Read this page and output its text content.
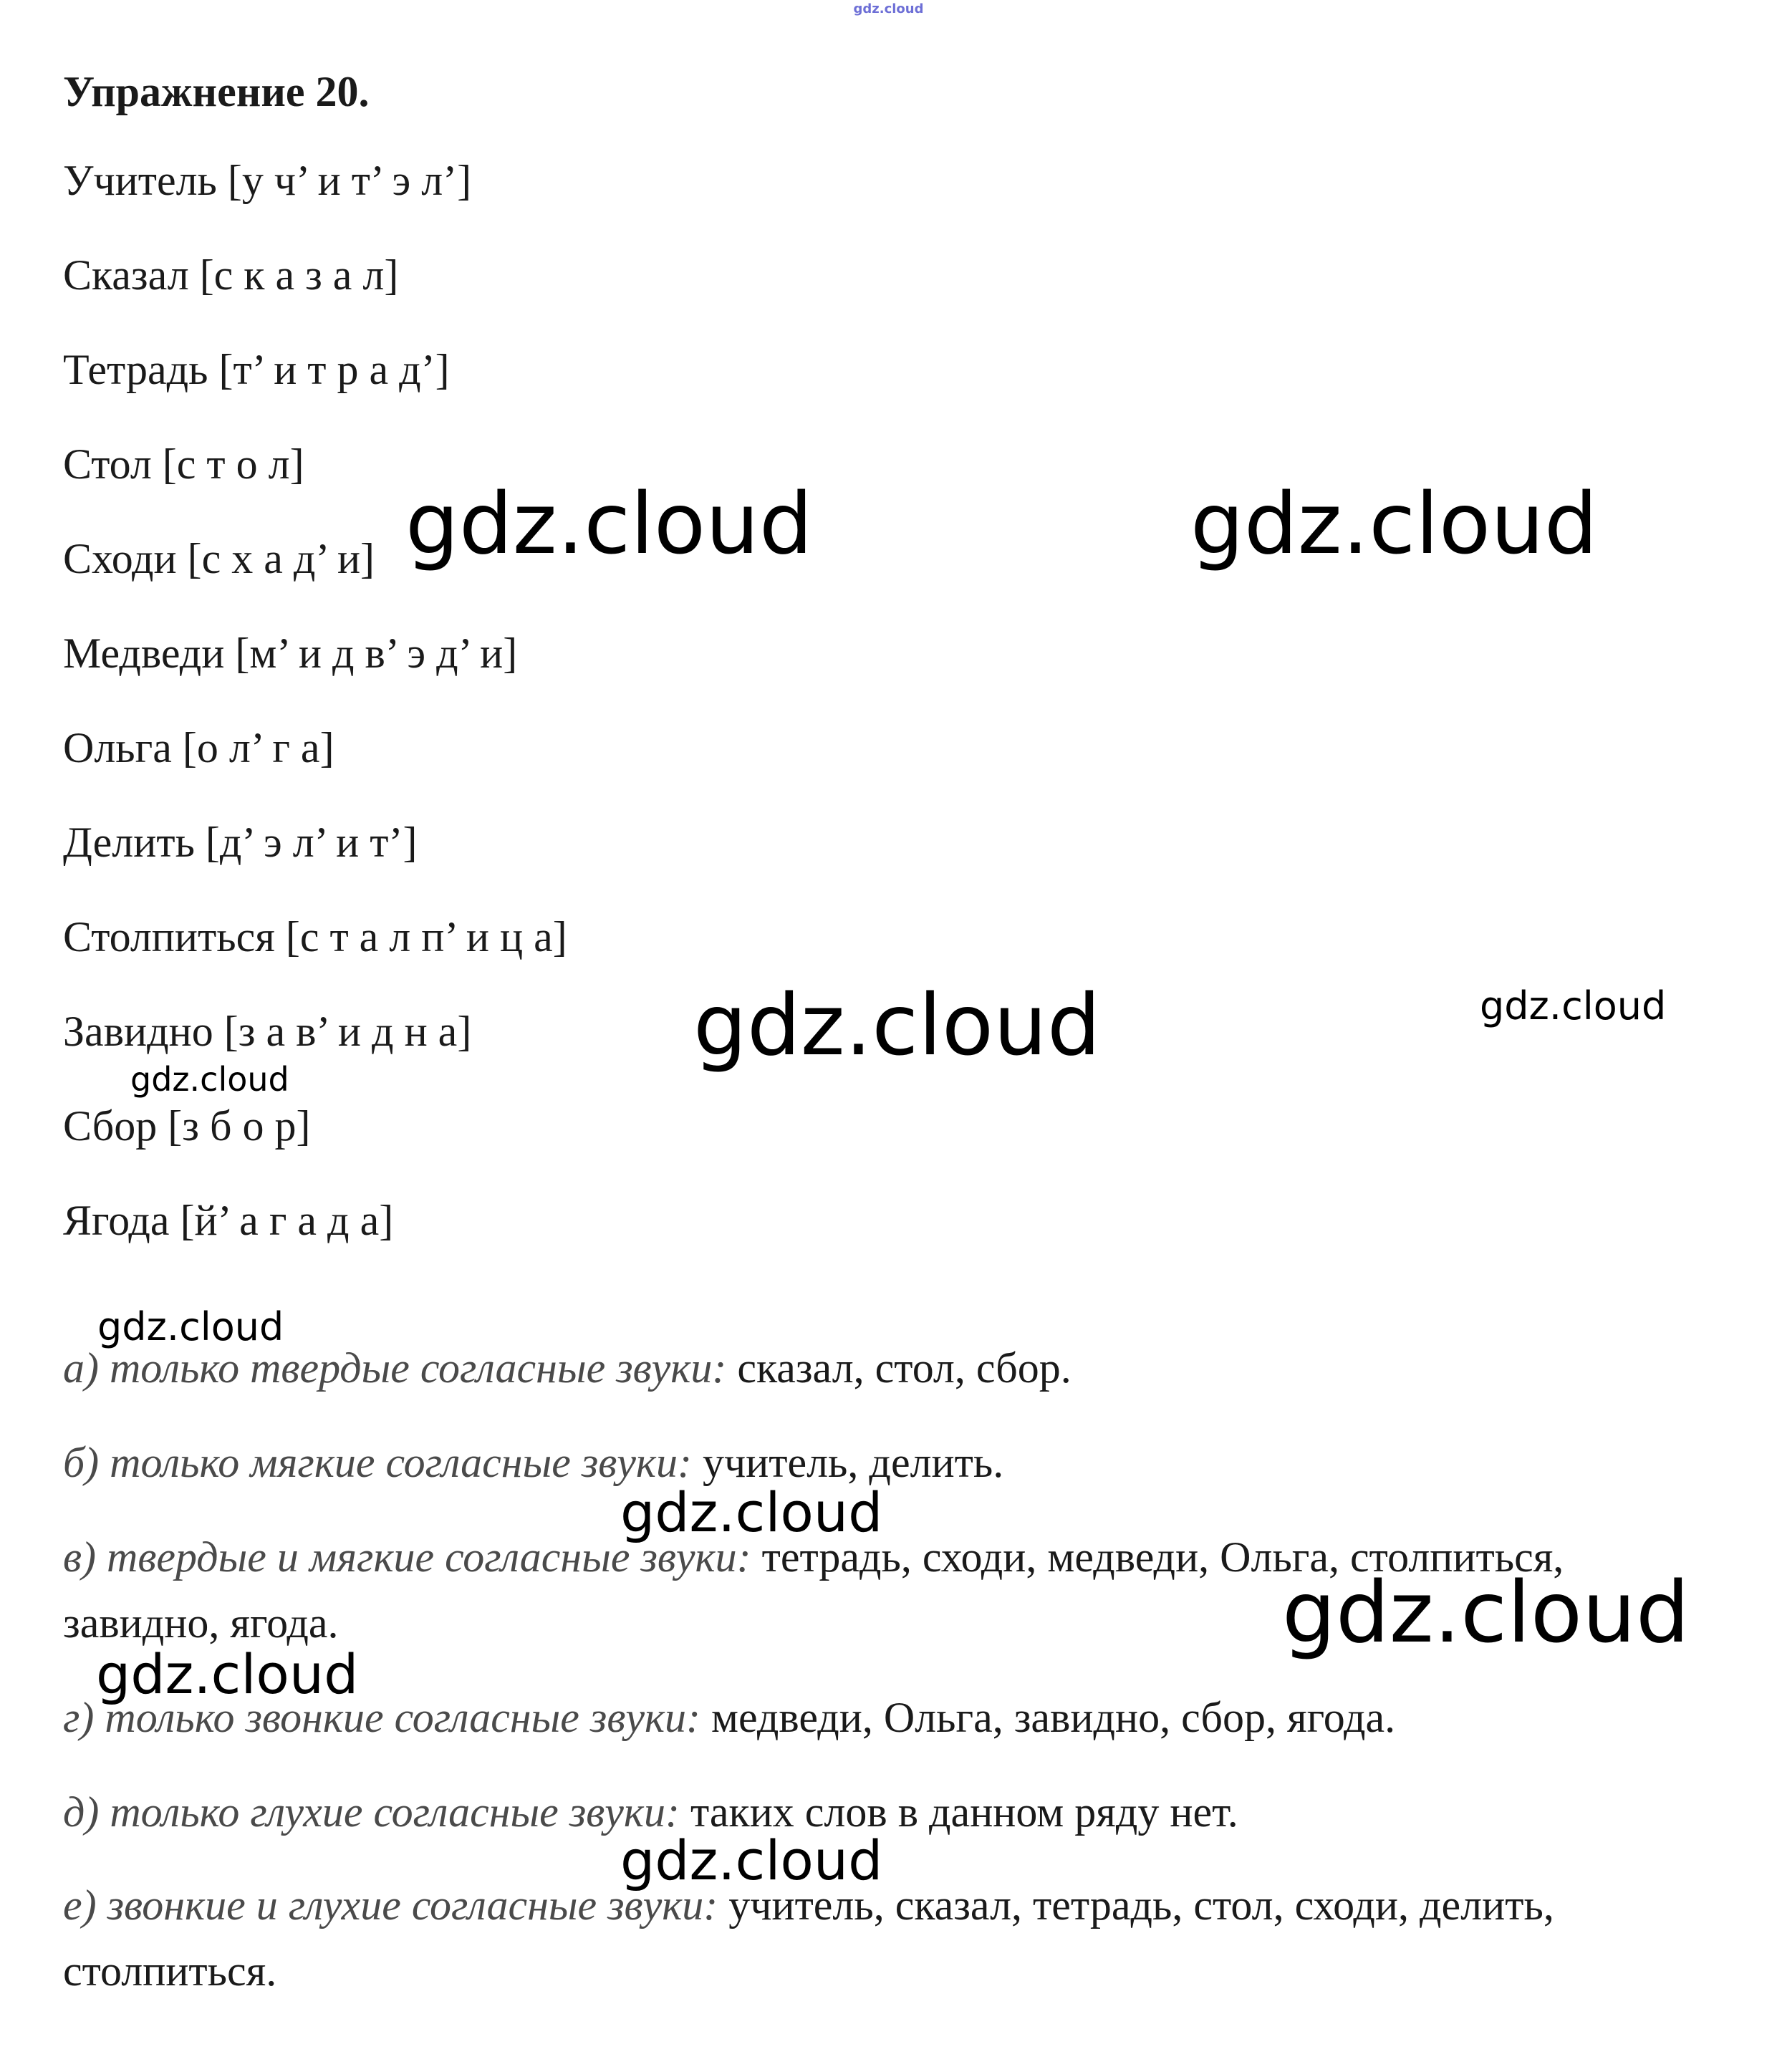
gdz.cloud
Упражнение 20.
Учитель [у ч’ и т’ э л’]
Сказал [с к а з а л]
Тетрадь [т’ и т р а д’]
Стол [с т о л]
Сходи [с х а д’ и]
Медведи [м’ и д в’ э д’ и]
Ольга [о л’ г а]
Делить [д’ э л’ и т’]
Столпиться [с т а л п’ и ц а]
Завидно [з а в’ и д н а]
Сбор [з б о р]
Ягода [й’ а г а д а]

а) только твердые согласные звуки: сказал, стол, сбор.

б) только мягкие согласные звуки: учитель, делить.

в) твердые и мягкие согласные звуки: тетрадь, сходи, медведи, Ольга, столпиться, завидно, ягода.

г) только звонкие согласные звуки: медведи, Ольга, завидно, сбор, ягода.

д) только глухие согласные звуки: таких слов в данном ряду нет.

е) звонкие и глухие согласные звуки: учитель, сказал, тетрадь, стол, сходи, делить, столпиться.

gdz.cloud	gdz.cloud
gdz.cloud	gdz.cloud
gdz.cloud
gdz.cloud
gdz.cloud
gdz.cloud
gdz.cloud
gdz.cloud
